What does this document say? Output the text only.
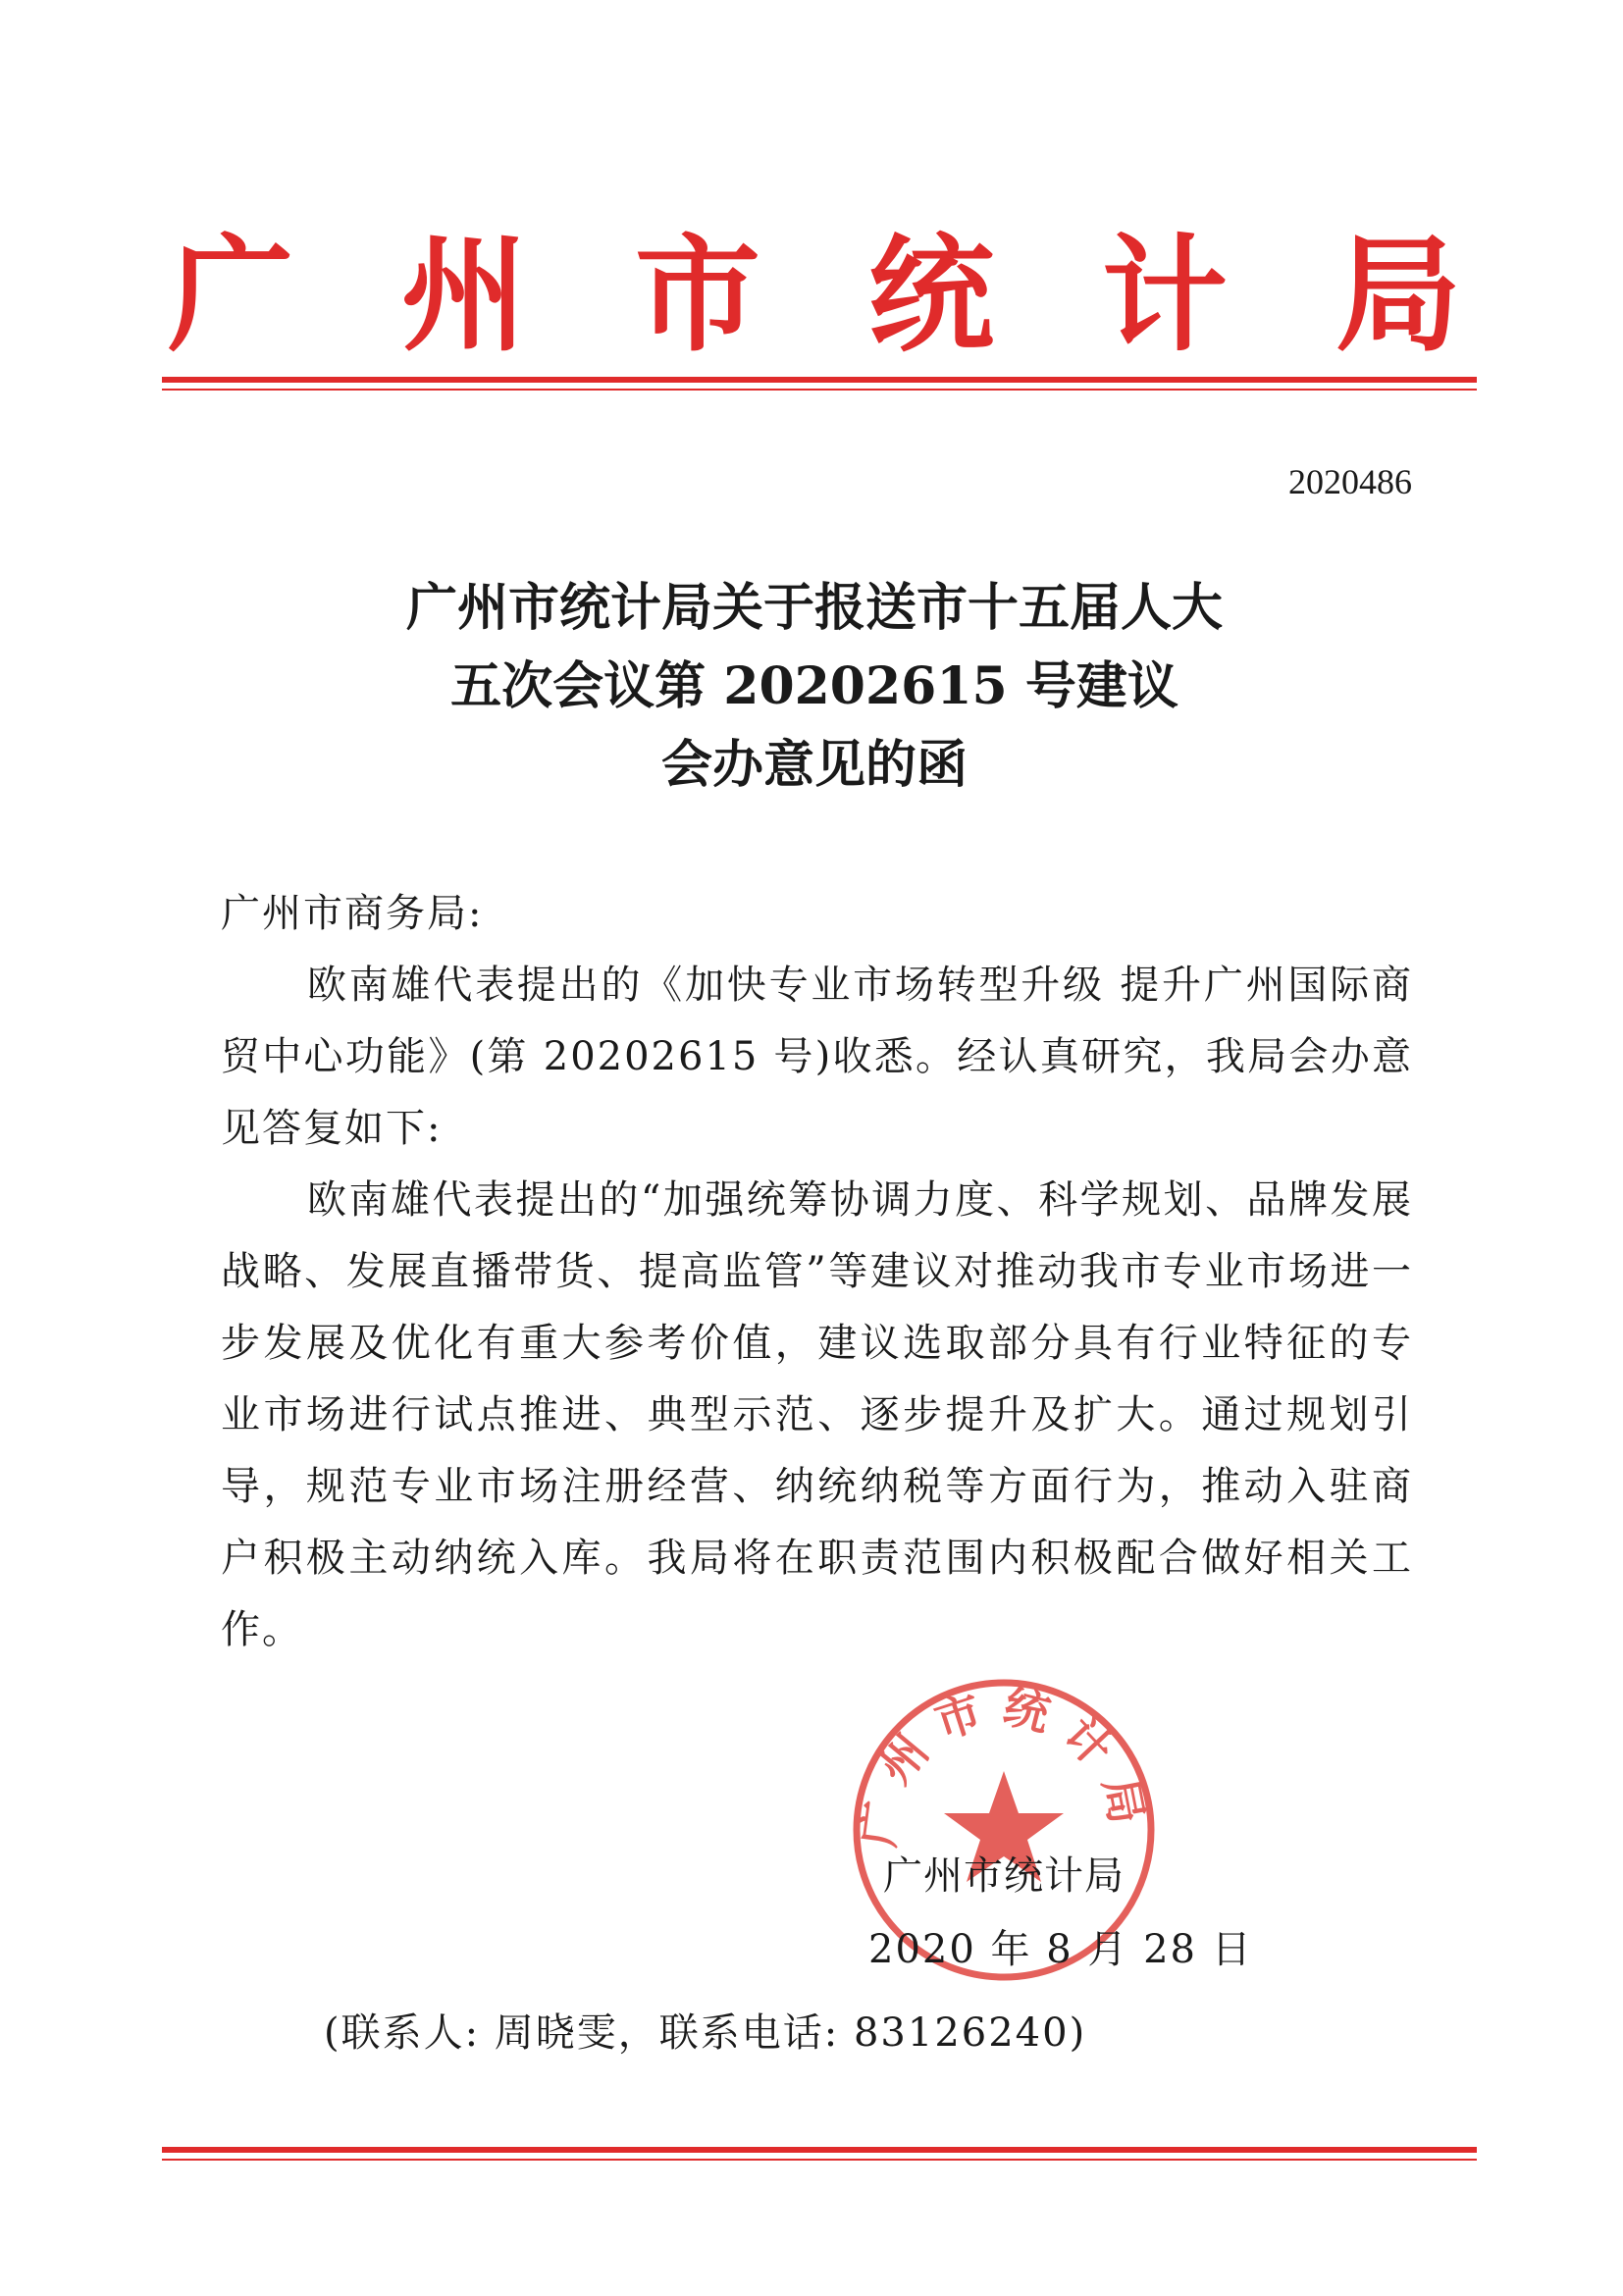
广 州 市 统 计 局
2020486
广州市统计局关于报送市十五届人大
五次会议第 20202615 号建议
会办意见的函
广州市商务局:
欧南雄代表提出的《加快专业市场转型升级 提升广州国际商贸中心功能》(第 20202615 号)收悉。经认真研究，我局会办意见答复如下:
欧南雄代表提出的“加强统筹协调力度、科学规划、品牌发展战略、发展直播带货、提高监管”等建议对推动我市专业市场进一步发展及优化有重大参考价值，建议选取部分具有行业特征的专业市场进行试点推进、典型示范、逐步提升及扩大。通过规划引导，规范专业市场注册经营、纳统纳税等方面行为，推动入驻商户积极主动纳统入库。我局将在职责范围内积极配合做好相关工作。
广州市统计局
广州市统计局
2020 年 8 月 28 日
(联系人: 周晓雯，联系电话: 83126240)
